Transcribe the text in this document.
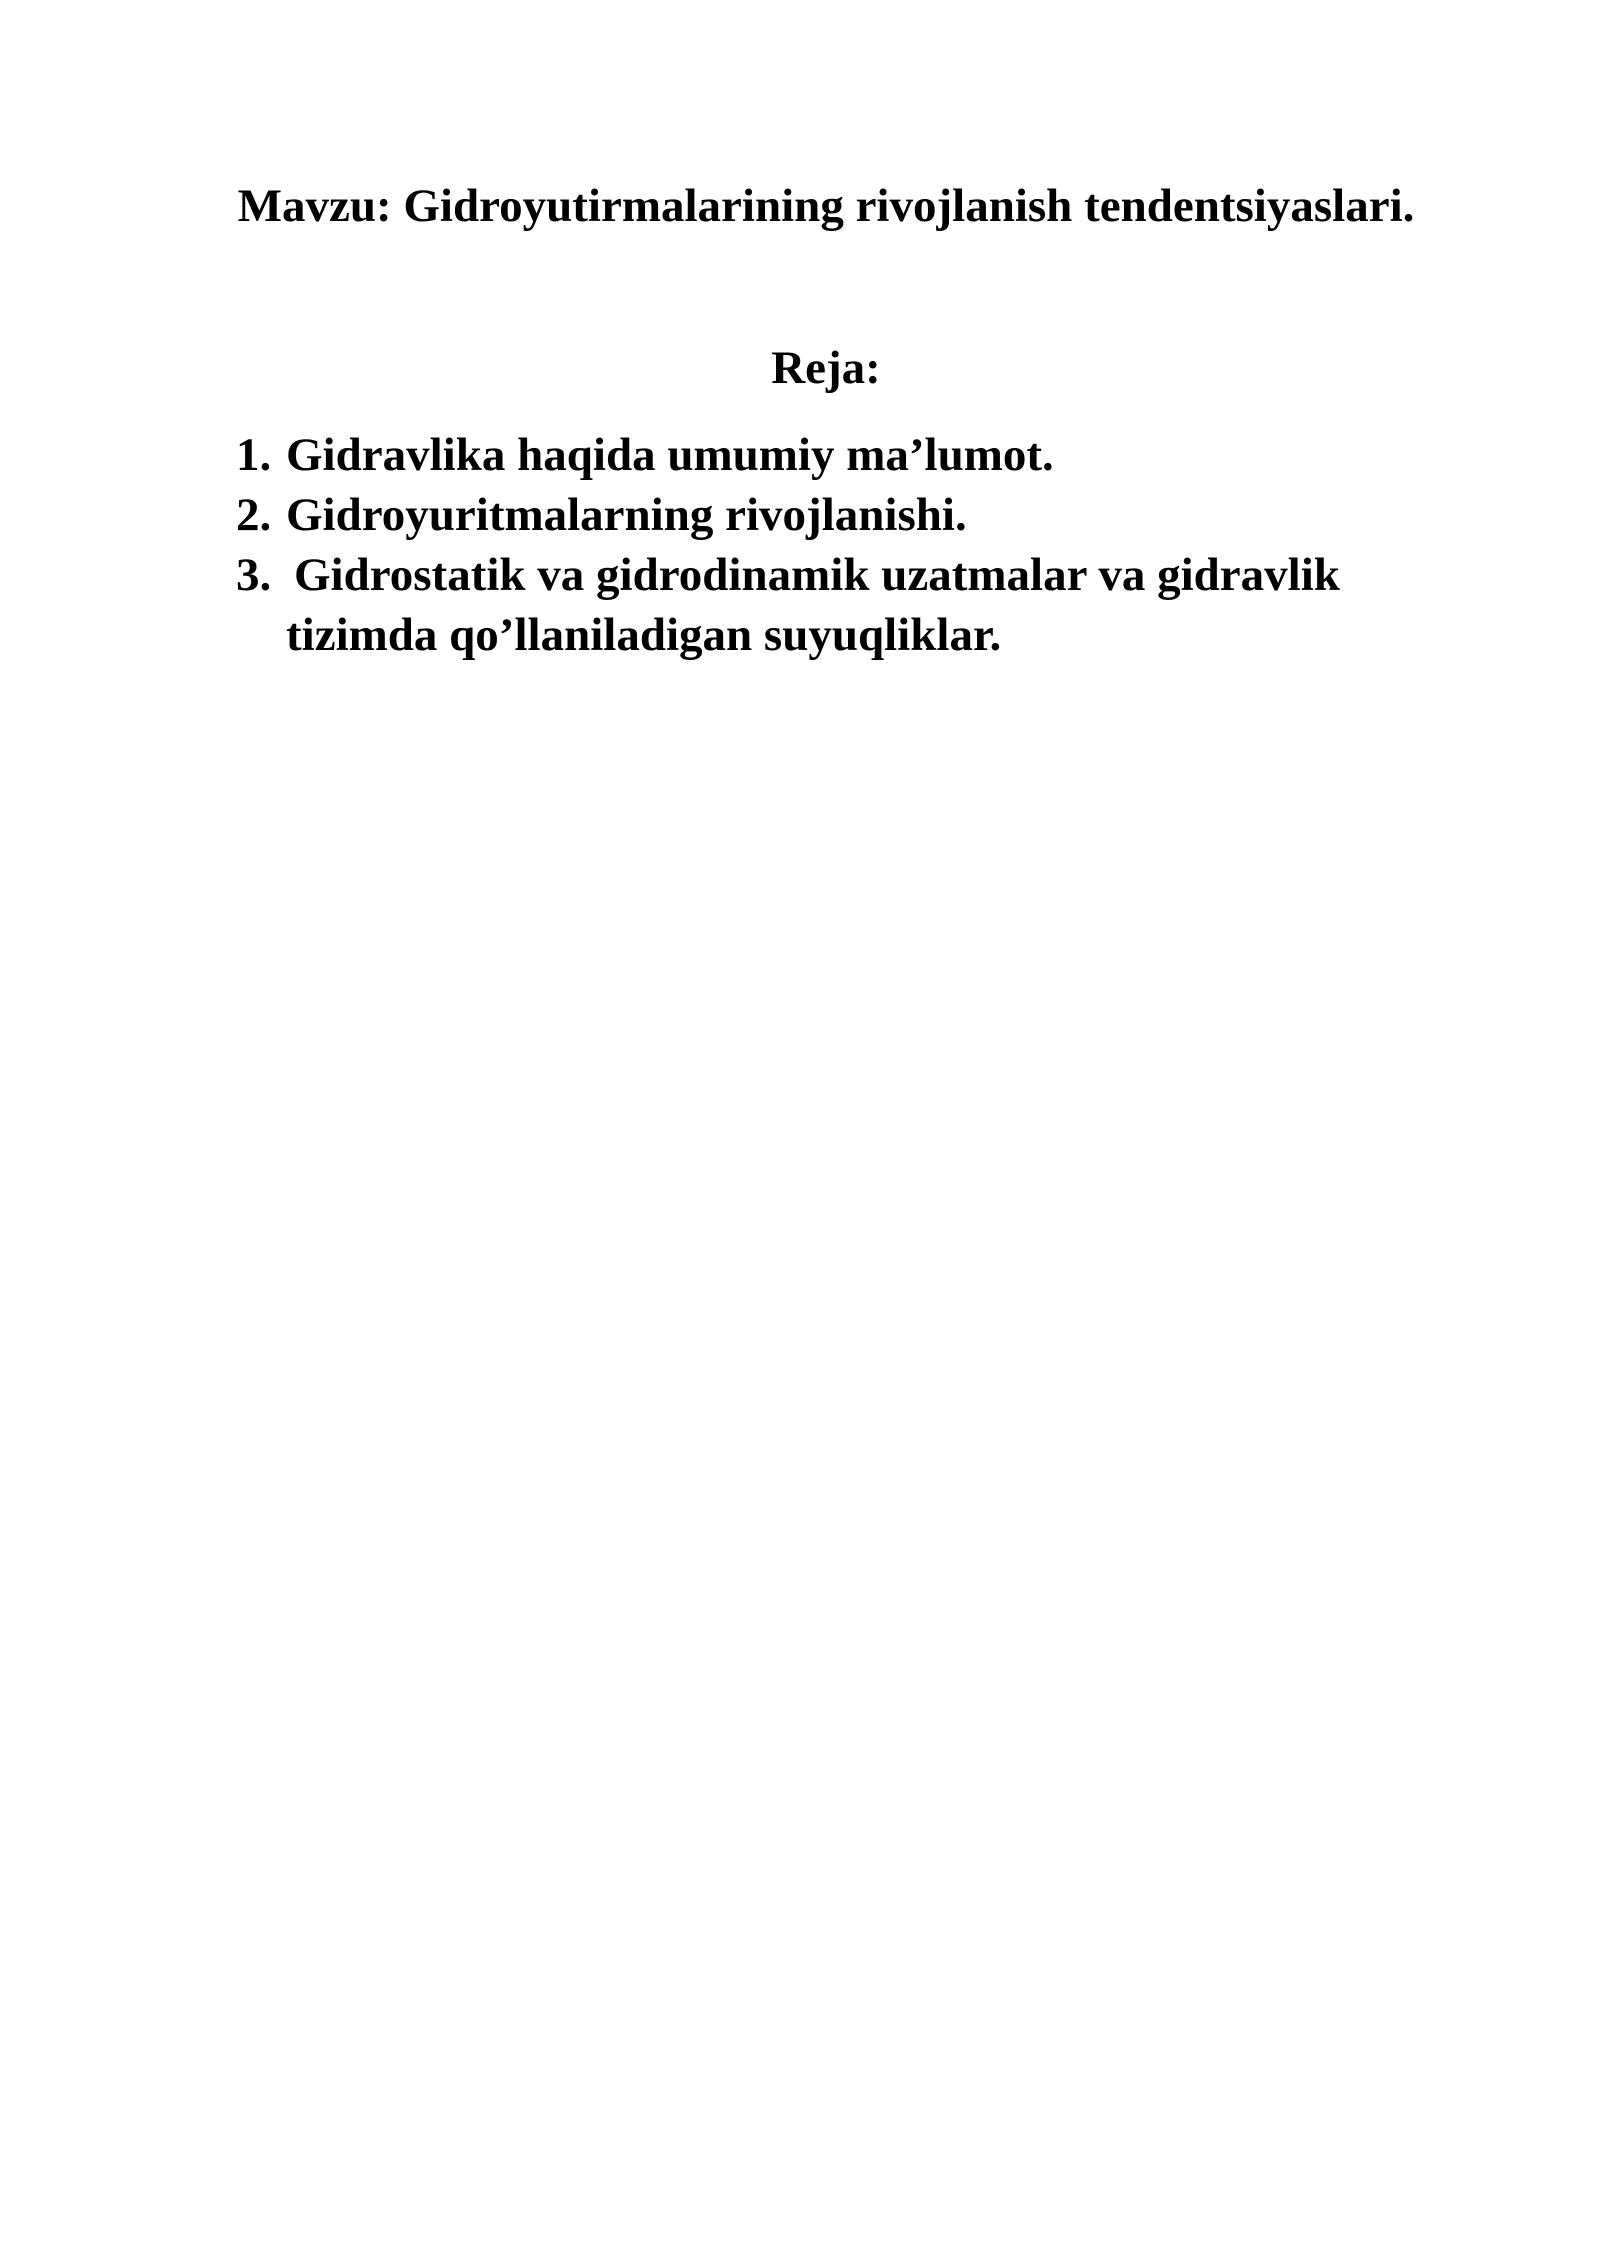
Mavzu: Gidroyutirmalarining rivojlanish tendentsiyaslari.
Reja:
1. Gidravlika haqida umumiy ma’lumot.
2. Gidroyuritmalarning rivojlanishi.
3. Gidrostatik va gidrodinamik uzatmalar va gidravlik
tizimda qo’llaniladigan suyuqliklar.
